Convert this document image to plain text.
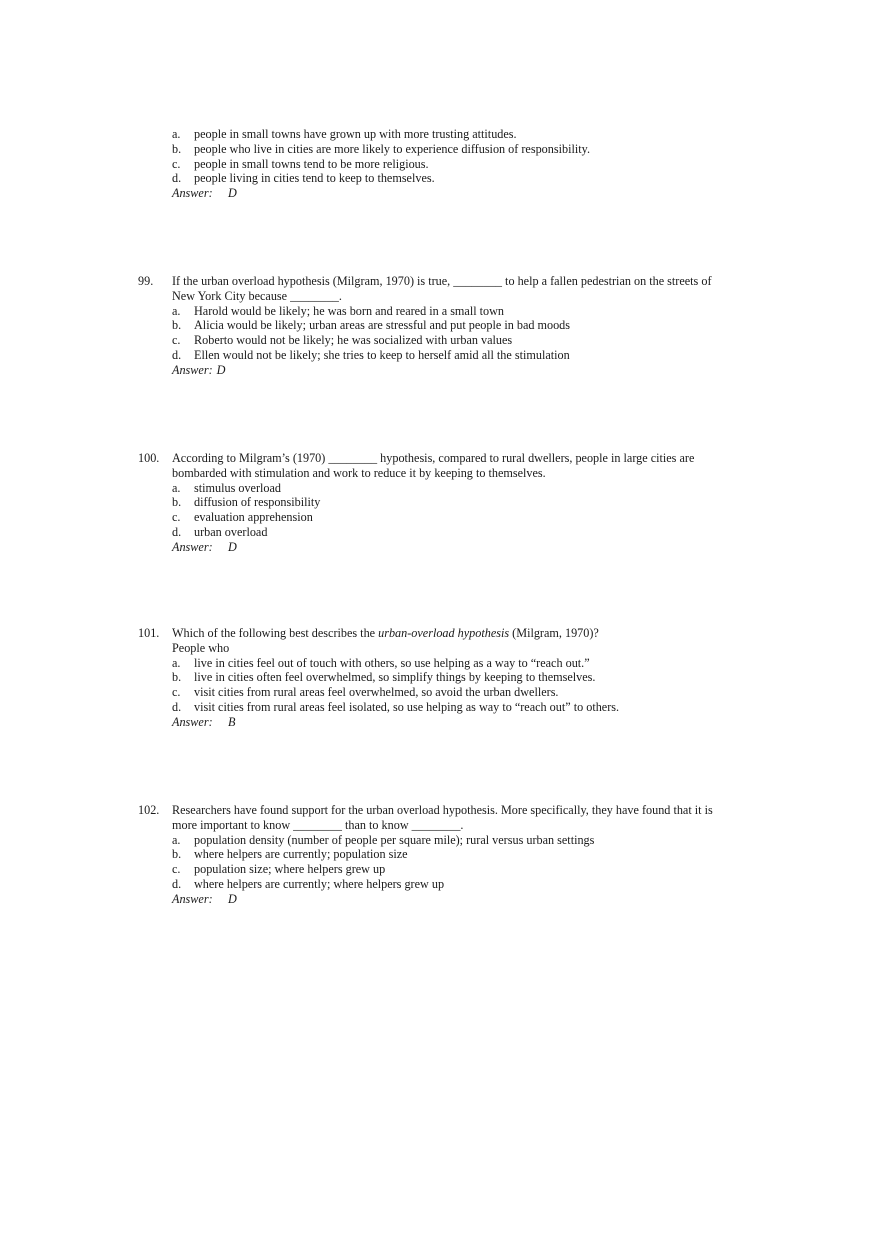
a. people in small towns have grown up with more trusting attitudes.
b. people who live in cities are more likely to experience diffusion of responsibility.
c. people in small towns tend to be more religious.
d. people living in cities tend to keep to themselves.
Answer: D
99. If the urban overload hypothesis (Milgram, 1970) is true, ________ to help a fallen pedestrian on the streets of
New York City because ________.
a. Harold would be likely; he was born and reared in a small town
b. Alicia would be likely; urban areas are stressful and put people in bad moods
c. Roberto would not be likely; he was socialized with urban values
d. Ellen would not be likely; she tries to keep to herself amid all the stimulation
Answer: D
100. According to Milgram’s (1970) ________ hypothesis, compared to rural dwellers, people in large cities are
bombarded with stimulation and work to reduce it by keeping to themselves.
a. stimulus overload
b. diffusion of responsibility
c. evaluation apprehension
d. urban overload
Answer: D
101. Which of the following best describes the urban-overload hypothesis (Milgram, 1970)?
People who
a. live in cities feel out of touch with others, so use helping as a way to “reach out.”
b. live in cities often feel overwhelmed, so simplify things by keeping to themselves.
c. visit cities from rural areas feel overwhelmed, so avoid the urban dwellers.
d. visit cities from rural areas feel isolated, so use helping as way to “reach out” to others.
Answer: B
102. Researchers have found support for the urban overload hypothesis. More specifically, they have found that it is
more important to know ________ than to know ________.
a. population density (number of people per square mile); rural versus urban settings
b. where helpers are currently; population size
c. population size; where helpers grew up
d. where helpers are currently; where helpers grew up
Answer: D
